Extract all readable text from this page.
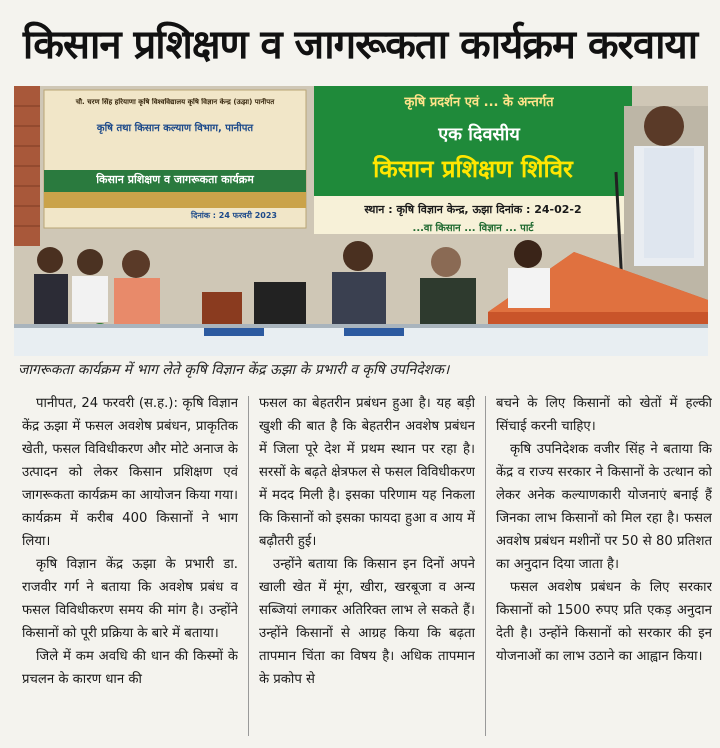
किसान प्रशिक्षण व जागरूकता कार्यक्रम करवाया
चौ. चरण सिंह हरियाणा कृषि विश्वविद्यालय कृषि विज्ञान केन्द्र (ऊझा) पानीपत
कृषि तथा किसान कल्याण विभाग, पानीपत
किसान प्रशिक्षण व जागरूकता कार्यक्रम
दिनांक : 24 फरवरी 2023
कृषि प्रदर्शन एवं ... के अन्तर्गत
एक दिवसीय
किसान प्रशिक्षण शिविर
स्थान : कृषि विज्ञान केन्द्र, ऊझा दिनांक : 24-02-2
...वा किसान ... विज्ञान ... पार्ट
जागरूकता कार्यक्रम में भाग लेते कृषि विज्ञान केंद्र ऊझा के प्रभारी व कृषि उपनिदेशक।

पानीपत, 24 फरवरी (स.ह.): कृषि विज्ञान केंद्र ऊझा में फसल अवशेष प्रबंधन, प्राकृतिक खेती, फसल विविधीकरण और मोटे अनाज के उत्पादन को लेकर किसान प्रशिक्षण एवं जागरूकता कार्यक्रम का आयोजन किया गया। कार्यक्रम में करीब 400 किसानों ने भाग लिया।

कृषि विज्ञान केंद्र ऊझा के प्रभारी डा. राजवीर गर्ग ने बताया कि अवशेष प्रबंध व फसल विविधीकरण समय की मांग है। उन्होंने किसानों को पूरी प्रक्रिया के बारे में बताया।

जिले में कम अवधि की धान की किस्मों के प्रचलन के कारण धान की

फसल का बेहतरीन प्रबंधन हुआ है। यह बड़ी खुशी की बात है कि बेहतरीन अवशेष प्रबंधन में जिला पूरे देश में प्रथम स्थान पर रहा है। सरसों के बढ़ते क्षेत्रफल से फसल विविधीकरण में मदद मिली है। इसका परिणाम यह निकला कि किसानों को इसका फायदा हुआ व आय में बढ़ौतरी हुई।

उन्होंने बताया कि किसान इन दिनों अपने खाली खेत में मूंग, खीरा, खरबूजा व अन्य सब्जियां लगाकर अतिरिक्त लाभ ले सकते हैं। उन्होंने किसानों से आग्रह किया कि बढ़ता तापमान चिंता का विषय है। अधिक तापमान के प्रकोप से

बचने के लिए किसानों को खेतों में हल्की सिंचाई करनी चाहिए।

कृषि उपनिदेशक वजीर सिंह ने बताया कि केंद्र व राज्य सरकार ने किसानों के उत्थान को लेकर अनेक कल्याणकारी योजनाएं बनाई हैं जिनका लाभ किसानों को मिल रहा है। फसल अवशेष प्रबंधन मशीनों पर 50 से 80 प्रतिशत का अनुदान दिया जाता है।

फसल अवशेष प्रबंधन के लिए सरकार किसानों को 1500 रुपए प्रति एकड़ अनुदान देती है। उन्होंने किसानों को सरकार की इन योजनाओं का लाभ उठाने का आह्वान किया।
